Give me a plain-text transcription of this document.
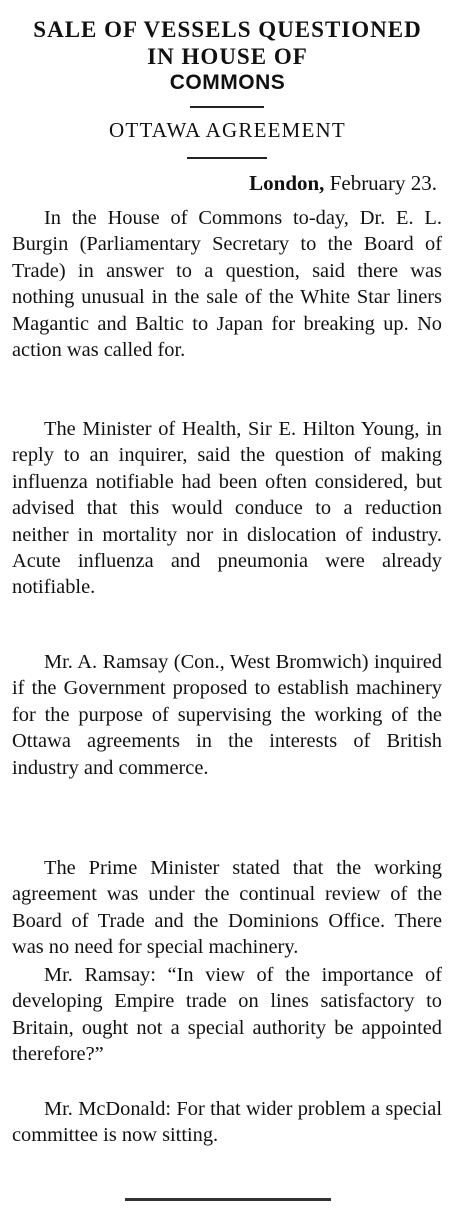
SALE OF VESSELS QUESTIONED
IN HOUSE OF
COMMONS
OTTAWA AGREEMENT
London, February 23.

In the House of Commons to-day, Dr. E. L. Burgin (Parliamentary Secretary to the Board of Trade) in answer to a question, said there was nothing unusual in the sale of the White Star liners Magantic and Baltic to Japan for breaking up. No action was called for.

The Minister of Health, Sir E. Hilton Young, in reply to an inquirer, said the question of making influenza notifiable had been often considered, but advised that this would conduce to a reduction neither in mortality nor in dislocation of industry. Acute influenza and pneumonia were already notifiable.

Mr. A. Ramsay (Con., West Bromwich) inquired if the Government proposed to establish machinery for the purpose of supervising the working of the Ottawa agreements in the interests of British industry and commerce.

The Prime Minister stated that the working agreement was under the continual review of the Board of Trade and the Dominions Office. There was no need for special machinery.

Mr. Ramsay: “In view of the importance of developing Empire trade on lines satisfactory to Britain, ought not a special authority be appointed therefore?”

Mr. McDonald: For that wider problem a special committee is now sitting.
